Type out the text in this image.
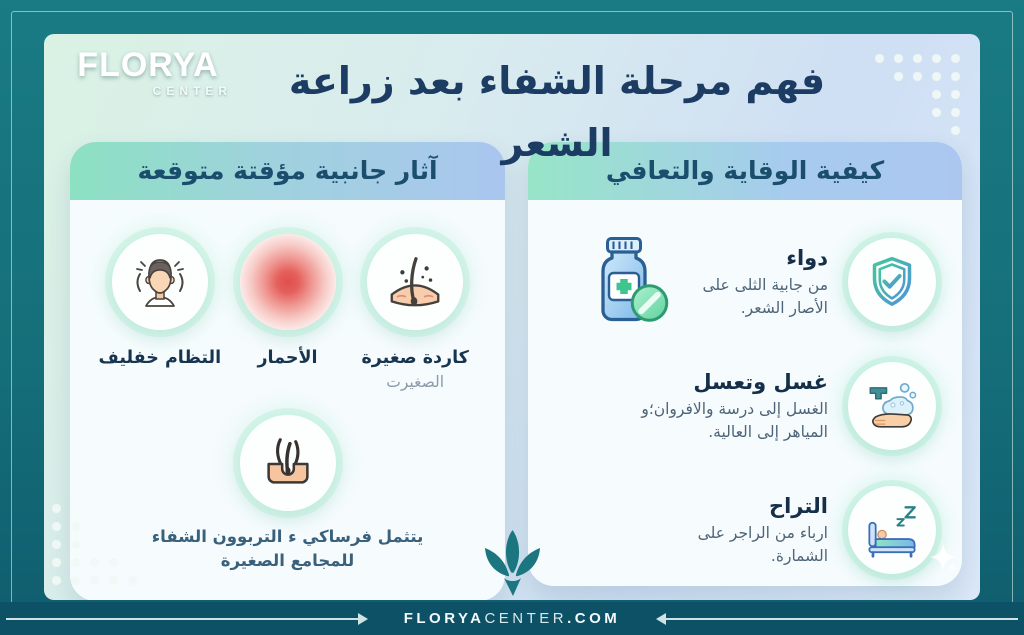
FLORYA
CENTER	فهم مرحلة الشفاء بعد زراعة الشعر
آثار جانبية مؤقتة متوقعة
كاردة صغيرة
الصغيرت
الأحمار
التظام خفليف
يتثمل فرساكي ء التربوون الشفاء
للمجامع الصغيرة
كيفية الوقاية والتعافي
دواء
من جابية الثلى على
الأصار الشعر.
غسل وتعسل
الغسل إلى درسة والافروان؛و
المياهر إلى العالية.
التراح
ارباء من الراجر على
الشمارة.
FLORYACENTER.COM
